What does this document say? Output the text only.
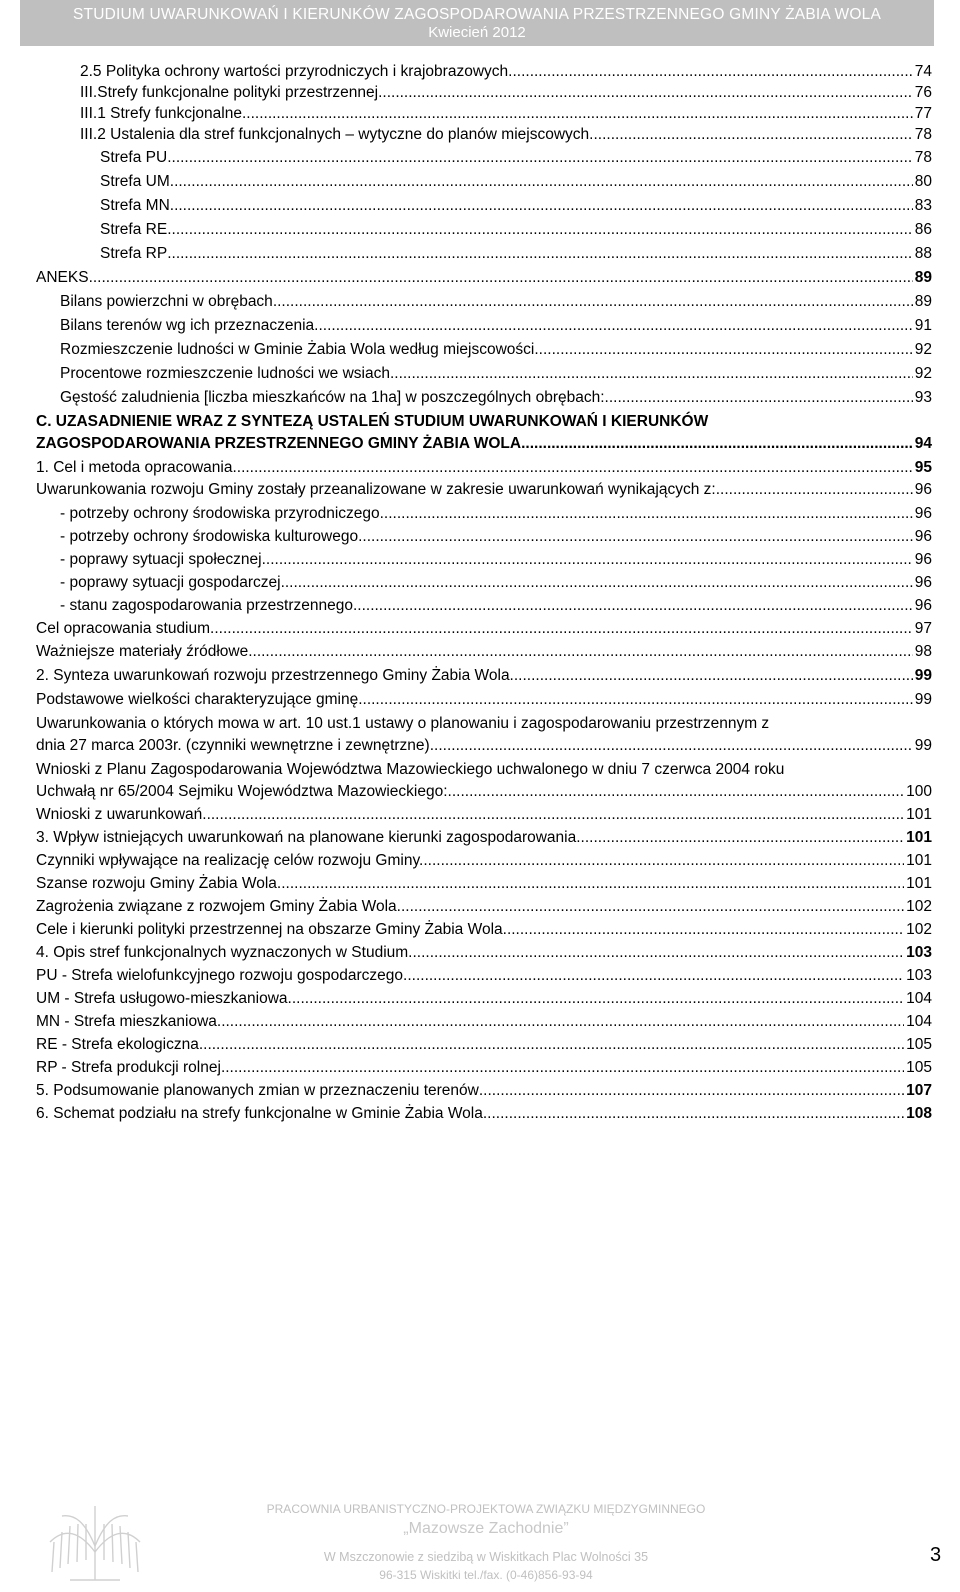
STUDIUM UWARUNKOWAŃ I KIERUNKÓW ZAGOSPODAROWANIA PRZESTRZENNEGO GMINY ŻABIA WOLA
Kwiecień 2012
2.5 Polityka ochrony wartości przyrodniczych i krajobrazowych .....	74
III.Strefy funkcjonalne polityki przestrzennej .....	76
III.1 Strefy funkcjonalne .....	77
III.2 Ustalenia dla stref funkcjonalnych – wytyczne do planów miejscowych .....	78
Strefa PU .....	78
Strefa UM .....	80
Strefa MN .....	83
Strefa RE .....	86
Strefa RP .....	88
ANEKS .....	89
Bilans powierzchni w obrębach .....	89
Bilans terenów wg ich przeznaczenia .....	91
Rozmieszczenie ludności w Gminie Żabia Wola według miejscowości .....	92
Procentowe rozmieszczenie ludności we wsiach. .....	92
Gęstość zaludnienia [liczba mieszkańców na 1ha] w poszczególnych obrębach: .....	93
C. UZASADNIENIE WRAZ Z SYNTEZĄ USTALEŃ STUDIUM UWARUNKOWAŃ I KIERUNKÓW
ZAGOSPODAROWANIA PRZESTRZENNEGO GMINY ŻABIA WOLA .....	94
1. Cel i metoda opracowania .....	95
Uwarunkowania rozwoju Gminy zostały przeanalizowane w zakresie uwarunkowań wynikających z: .....	96
- potrzeby ochrony środowiska przyrodniczego .....	96
- potrzeby ochrony środowiska kulturowego .....	96
- poprawy sytuacji społecznej .....	96
- poprawy sytuacji gospodarczej .....	96
- stanu zagospodarowania przestrzennego .....	96
Cel opracowania studium. .....	97
Ważniejsze materiały źródłowe .....	98
2. Synteza uwarunkowań rozwoju przestrzennego Gminy Żabia Wola. .....	99
Podstawowe wielkości charakteryzujące gminę. .....	99
Uwarunkowania o których mowa w art. 10 ust.1 ustawy o planowaniu i zagospodarowaniu przestrzennym z
dnia 27 marca 2003r. (czynniki wewnętrzne i zewnętrzne). .....	99
Wnioski z Planu Zagospodarowania Województwa Mazowieckiego uchwalonego w dniu 7 czerwca 2004 roku
Uchwałą nr 65/2004 Sejmiku Województwa Mazowieckiego: .....	100
Wnioski z uwarunkowań .....	101
3. Wpływ istniejących uwarunkowań na planowane kierunki zagospodarowania .....	101
Czynniki wpływające na realizację celów rozwoju Gminy. .....	101
Szanse rozwoju Gminy Żabia Wola. .....	101
Zagrożenia związane z rozwojem Gminy Żabia Wola .....	102
Cele i kierunki polityki przestrzennej na obszarze Gminy Żabia Wola .....	102
4. Opis stref funkcjonalnych wyznaczonych w Studium. .....	103
PU - Strefa wielofunkcyjnego rozwoju gospodarczego .....	103
UM - Strefa usługowo-mieszkaniowa. .....	104
MN - Strefa mieszkaniowa .....	104
RE - Strefa ekologiczna .....	105
RP - Strefa produkcji rolnej .....	105
5. Podsumowanie planowanych zmian w przeznaczeniu terenów .....	107
6. Schemat podziału na strefy funkcjonalne w Gminie Żabia Wola. .....	108
PRACOWNIA URBANISTYCZNO-PROJEKTOWA ZWIĄZKU MIĘDZYGMINNEGO
„Mazowsze Zachodnie”
W Mszczonowie z siedzibą w Wiskitkach Plac Wolności 35
96-315 Wiskitki tel./fax. (0-46)856-93-94
3
